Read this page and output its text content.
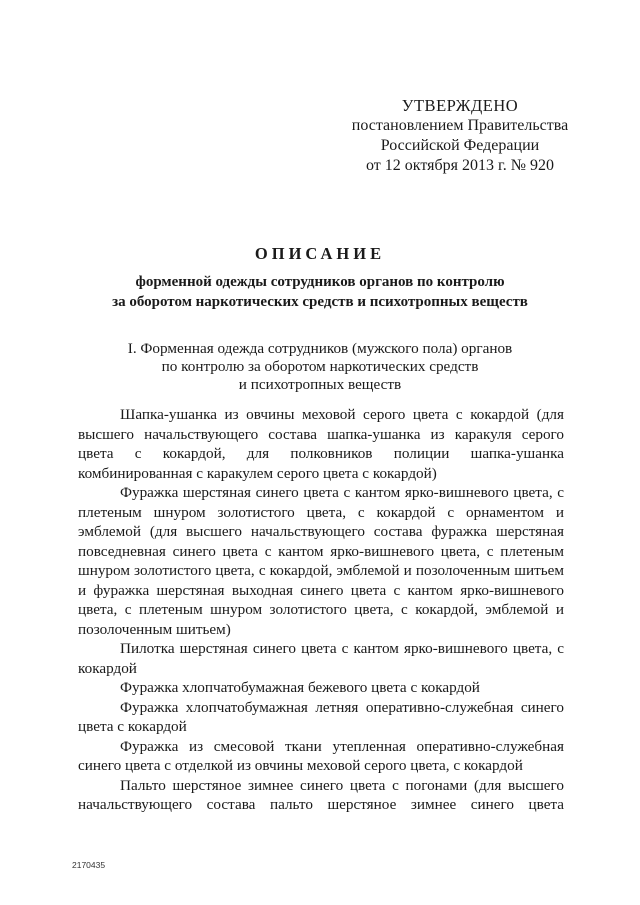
УТВЕРЖДЕНО
постановлением Правительства
Российской Федерации
от 12 октября 2013 г. № 920
ОПИСАНИЕ
форменной одежды сотрудников органов по контролю
за оборотом наркотических средств и психотропных веществ
I. Форменная одежда сотрудников (мужского пола) органов
по контролю за оборотом наркотических средств
и психотропных веществ

Шапка-ушанка из овчины меховой серого цвета с кокардой (для высшего начальствующего состава шапка-ушанка из каракуля серого цвета с кокардой, для полковников полиции шапка-ушанка комбинированная с каракулем серого цвета с кокардой)

Фуражка шерстяная синего цвета с кантом ярко-вишневого цвета, с плетеным шнуром золотистого цвета, с кокардой с орнаментом и эмблемой (для высшего начальствующего состава фуражка шерстяная повседневная синего цвета с кантом ярко-вишневого цвета, с плетеным шнуром золотистого цвета, с кокардой, эмблемой и позолоченным шитьем и фуражка шерстяная выходная синего цвета с кантом ярко-вишневого цвета, с плетеным шнуром золотистого цвета, с кокардой, эмблемой и позолоченным шитьем)

Пилотка шерстяная синего цвета с кантом ярко-вишневого цвета, с кокардой

Фуражка хлопчатобумажная бежевого цвета с кокардой

Фуражка хлопчатобумажная летняя оперативно-служебная синего цвета с кокардой

Фуражка из смесовой ткани утепленная оперативно-служебная синего цвета с отделкой из овчины меховой серого цвета, с кокардой

Пальто шерстяное зимнее синего цвета с погонами (для высшего начальствующего состава пальто шерстяное зимнее синего цвета

2170435
